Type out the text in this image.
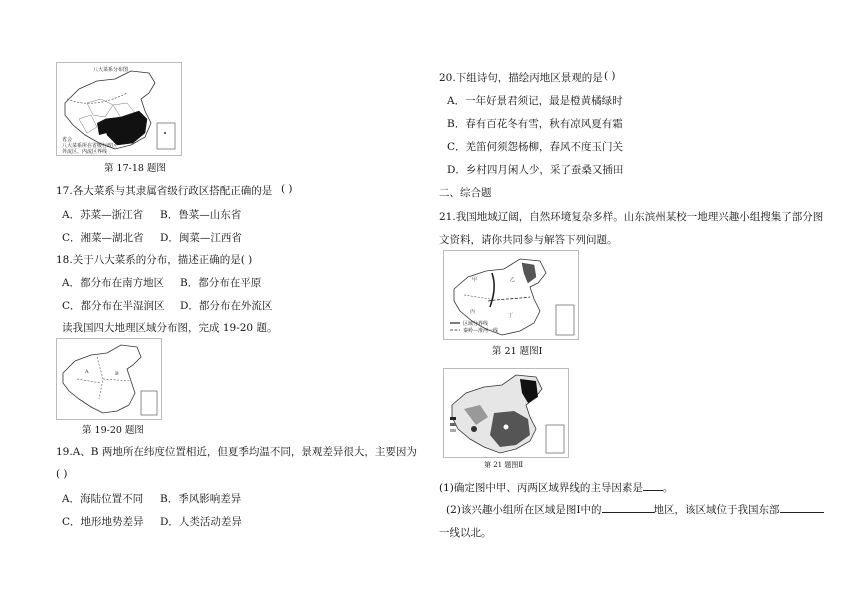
八大菜系分布图
省会
八大菜系所在省级行政区
外流区、内流区界线
第 17-18 题图
17.各大菜系与其隶属省级行政区搭配正确的是 ( )
A．苏菜—浙江省 B．鲁菜—山东省
C．湘菜—湖北省 D．闽菜—江西省
18.关于八大菜系的分布，描述正确的是( )
A．都分布在南方地区 B．都分布在平原
C．都分布在半湿润区 D．都分布在外流区
读我国四大地理区域分布图，完成 19-20 题。
A	B
第 19-20 题图
19.A、B 两地所在纬度位置相近，但夏季均温不同，景观差异很大，主要因为
( )
A．海陆位置不同 B．季风影响差异
C．地形地势差异 D．人类活动差异
20.下组诗句，描绘丙地区景观的是 ( )
A．一年好景君须记，最是橙黄橘绿时
B．春有百花冬有雪，秋有凉风夏有霜
C．羌笛何须怨杨柳，春风不度玉门关
D．乡村四月闲人少，采了蚕桑又插田
二、综合题
21.我国地域辽阔，自然环境复杂多样。山东滨州某校一地理兴趣小组搜集了部分图
文资料，请你共同参与解答下列问题。
甲	乙
丙
丁
区域分界线
秦岭—淮河一线
第 21 题图Ⅰ
第 21 题图Ⅱ
(1)确定图中甲、丙两区域界线的主导因素是 。
(2)该兴趣小组所在区域是图Ⅰ中的	地区，该区域位于我国东部
一线以北。
